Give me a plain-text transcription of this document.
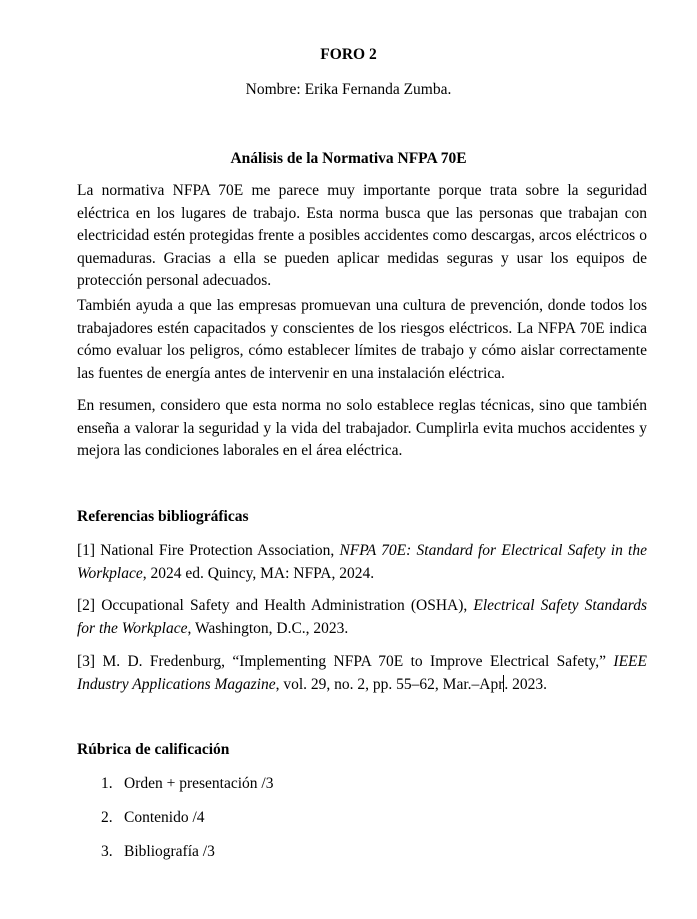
FORO 2
Nombre: Erika Fernanda Zumba.
Análisis de la Normativa NFPA 70E

La normativa NFPA 70E me parece muy importante porque trata sobre la seguridad eléctrica en los lugares de trabajo. Esta norma busca que las personas que trabajan con electricidad estén protegidas frente a posibles accidentes como descargas, arcos eléctricos o quemaduras. Gracias a ella se pueden aplicar medidas seguras y usar los equipos de protección personal adecuados.

También ayuda a que las empresas promuevan una cultura de prevención, donde todos los trabajadores estén capacitados y conscientes de los riesgos eléctricos. La NFPA 70E indica cómo evaluar los peligros, cómo establecer límites de trabajo y cómo aislar correctamente las fuentes de energía antes de intervenir en una instalación eléctrica.

En resumen, considero que esta norma no solo establece reglas técnicas, sino que también enseña a valorar la seguridad y la vida del trabajador. Cumplirla evita muchos accidentes y mejora las condiciones laborales en el área eléctrica.

Referencias bibliográficas

[1] National Fire Protection Association, NFPA 70E: Standard for Electrical Safety in the Workplace, 2024 ed. Quincy, MA: NFPA, 2024.

[2] Occupational Safety and Health Administration (OSHA), Electrical Safety Standards for the Workplace, Washington, D.C., 2023.

[3] M. D. Fredenburg, “Implementing NFPA 70E to Improve Electrical Safety,” IEEE Industry Applications Magazine, vol. 29, no. 2, pp. 55–62, Mar.–Apr. 2023.

Rúbrica de calificación
1. Orden + presentación /3
2. Contenido /4
3. Bibliografía /3
